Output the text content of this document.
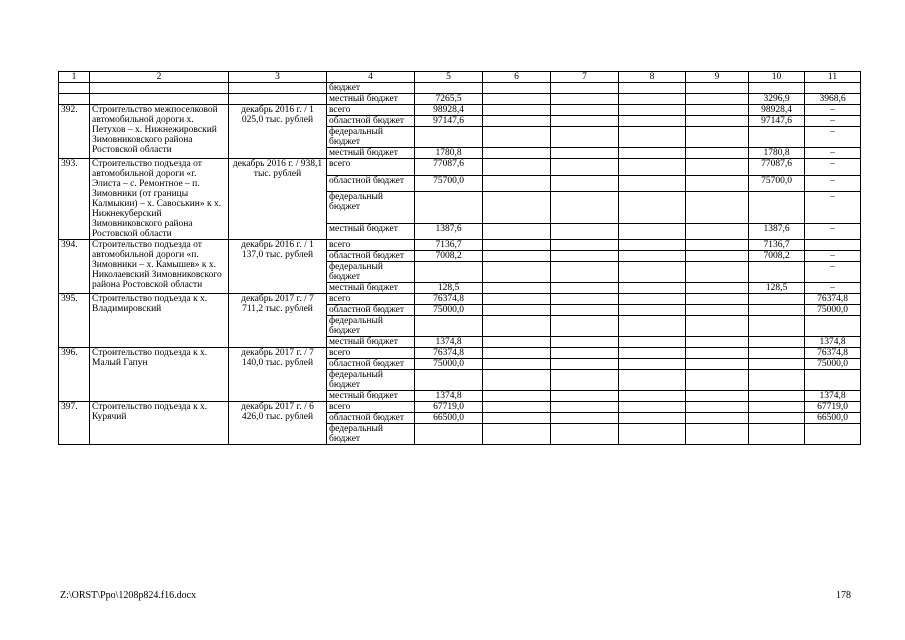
1	2	3	4	5	6	7	8	9	10	11
			бюджет							
			местный бюджет	7265,5					3296,9	3968,6
392.	Строительство межпоселковой автомобильной дороги х. Петухов – х. Нижнежировский Зимовниковского района Ростовской области	декабрь 2016 г. / 1 025,0 тыс. рублей	всего	98928,4					98928,4	–
			областной бюджет	97147,6					97147,6	–
			федеральный бюджет							–
			местный бюджет	1780,8					1780,8	–
393.	Строительство подъезда от автомобильной дороги «г. Элиста – с. Ремонтное – п. Зимовники (от границы Калмыкии) – х. Савоськин» к х. Нижнекуберский Зимовниковского района Ростовской области	декабрь 2016 г. / 938,1 тыс. рублей	всего	77087,6					77087,6	–
			областной бюджет	75700,0					75700,0	–
			федеральный бюджет							–
			местный бюджет	1387,6					1387,6	–
394.	Строительство подъезда от автомобильной дороги «п. Зимовники – х. Камышев» к х. Николаевский Зимовниковского района Ростовской области	декабрь 2016 г. / 1 137,0 тыс. рублей	всего	7136,7					7136,7	
			областной бюджет	7008,2					7008,2	–
			федеральный бюджет							–
			местный бюджет	128,5					128,5	–
395.	Строительство подъезда к х. Владимировский	декабрь 2017 г. / 7 711,2 тыс. рублей	всего	76374,8						76374,8
			областной бюджет	75000,0						75000,0
			федеральный бюджет							
			местный бюджет	1374,8						1374,8
396.	Строительство подъезда к х. Малый Гапун	декабрь 2017 г. / 7 140,0 тыс. рублей	всего	76374,8						76374,8
			областной бюджет	75000,0						75000,0
			федеральный бюджет							
			местный бюджет	1374,8						1374,8
397.	Строительство подъезда к х. Курячий	декабрь 2017 г. / 6 426,0 тыс. рублей	всего	67719,0						67719,0
			областной бюджет	66500,0						66500,0
			федеральный бюджет							
Z:\ORST\Ppo\1208p824.f16.docx	178
